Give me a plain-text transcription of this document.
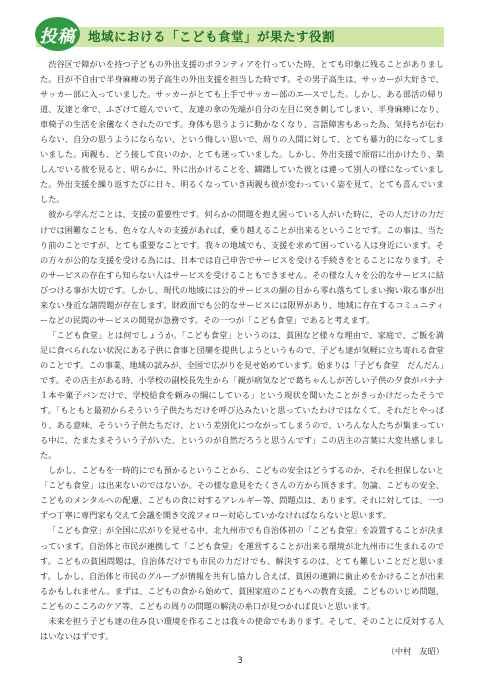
投稿	地域における「こども食堂」が果たす役割

渋谷区で障がいを持つ子どもの外出支援のボランティアを行っていた時、とても印象に残ることがありました。目が不自由で半身麻痺の男子高生の外出支援を担当した時です。その男子高生は、サッカーが大好きで、サッカー部に入っていました。サッカーがとても上手でサッカー部のエースでした。しかし、ある部活の帰り道、友達と傘で、ふざけて遊んでいて、友達の傘の先端が自分の左目に突き刺してしまい、半身麻痺になり、車椅子の生活を余儀なくされたのです。身体も思うように動かなくなり、言語障害もあった為、気持ちが伝わらない、自分の思うようにならない、という悔しい思いで、周りの人間に対して、とても暴力的になってしまいました。両親も、どう接して良いのか、とても迷っていました。しかし、外出支援で原宿に出かけたり、楽しんでいる彼を見ると、明らかに、外に出かけることを、躊躇していた彼とは違って別人の様になっていました。外出支援を繰り返すたびに日々、明るくなっていき両親も彼が変わっていく姿を見て、とても喜んでいました。

彼から学んだことは、支援の重要性です。何らかの問題を抱え困っている人がいた時に、その人だけの力だけでは困難なことも、色々な人々の支援があれば、乗り越えることが出来るということです。この事は、当たり前のことですが、とても重要なことです。我々の地域でも、支援を求めて困っている人は身近にいます。その方々が公的な支援を受ける為には、日本では自己申告でサービスを受ける手続きをとることになります。そのサービスの存在すら知らない人はサービスを受けることもできません。その様な人々を公的なサービスに結びつける事が大切です。しかし、現代の地域には公的サービスの網の目から零れ落ちてしまい掬い取る事が出来ない身近な諸問題が存在します。財政面でも公的なサービスには限界があり、地域に存在するコミュニティーなどの民間のサービスの開発が急務です。その一つが「こども食堂」であると考えます。

「こども食堂」とは何でしょうか。「こども食堂」というのは、貧困など様々な理由で、家庭で、ご飯を満足に食べられない状況にある子供に食事と団欒を提供しようというもので、子ども達が気軽に立ち寄れる食堂のことです。この事業、地域の試みが、全国で広がりを見せ始めています。始まりは「子ども食堂　だんだん」です。その店主がある時、小学校の副校長先生から「親が病気などで葛ちゃんしが苦しい子供の夕食がバナナ１本や菓子パンだけで、学校給食を頼みの綱にしている」という現状を聞いたことがきっかけだったそうです。「もともと最初からそういう子供たちだけを呼び込みたいと思っていたわけではなくて、それだとやっぱり、ある意味、そういう子供たちだけ、という差別化につながってしまうので、いろんな人たちが集まっている中に、たまたまそういう子がいた、というのが自然だろうと思うんです」この店主の言葉に大変共感しました。

しかし、こどもを一時的にでも預かるということから、こどもの安全はどうするのか、それを担保しないと「こども食堂」は出来ないのではないか。その様な意見をたくさんの方から頂きます。勿論、こどもの安全、こどものメンタルへの配慮、こどもの食に対するアレルギー等、問題点は、あります。それに対しては、一つずつ丁寧に専門家も交えて会議を開き交流フォロー対応していかなければならないと思います。

「こども食堂」が全国に広がりを見せる中、北九州市でも自治体初の「こども食堂」を設置することが決まっています。自治体と市民が連携して「こども食堂」を運営することが出来る環境が北九州市に生まれるのです。こどもの貧困問題は、自治体だけでも市民の力だけでも、解決するのは、とても難しいことだと思います。しかし、自治体と市民のグループが情報を共有し協力し合えば、貧困の連鎖に歯止めをかけることが出来るかもしれません。まずは、こどもの食から始めて、貧困家庭のこどもへの教育支援、こどものいじめ問題、こどものこころのケア等、こどもの周りの問題の解決の糸口が見つかれば良いと思います。

未来を担う子ども達の住み良い環境を作ることは我々の使命でもあります。そして、そのことに反対する人はいないはずです。

（中村　友昭）
3
